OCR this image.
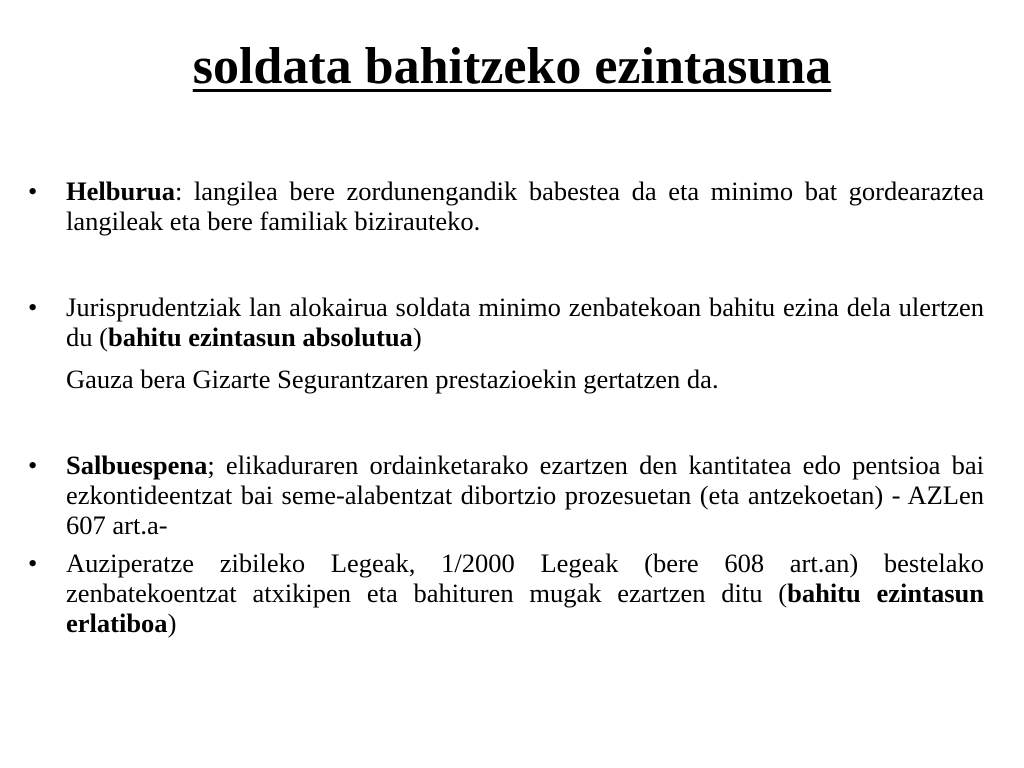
soldata bahitzeko ezintasuna
•	Helburua: langilea bere zordunengandik babestea da eta minimo bat gordearaztea langileak eta bere familiak bizirauteko.
•	Jurisprudentziak lan alokairua soldata minimo zenbatekoan bahitu ezina dela ulertzen du (bahitu ezintasun absolutua)
Gauza bera Gizarte Segurantzaren prestazioekin gertatzen da.
•	Salbuespena; elikaduraren ordainketarako ezartzen den kantitatea edo pentsioa bai ezkontideentzat bai seme-alabentzat dibortzio prozesuetan (eta antzekoetan) - AZLen 607 art.a-
•	Auziperatze zibileko Legeak, 1/2000 Legeak (bere 608 art.an) bestelako zenbatekoentzat atxikipen eta bahituren mugak ezartzen ditu (bahitu ezintasun erlatiboa)
